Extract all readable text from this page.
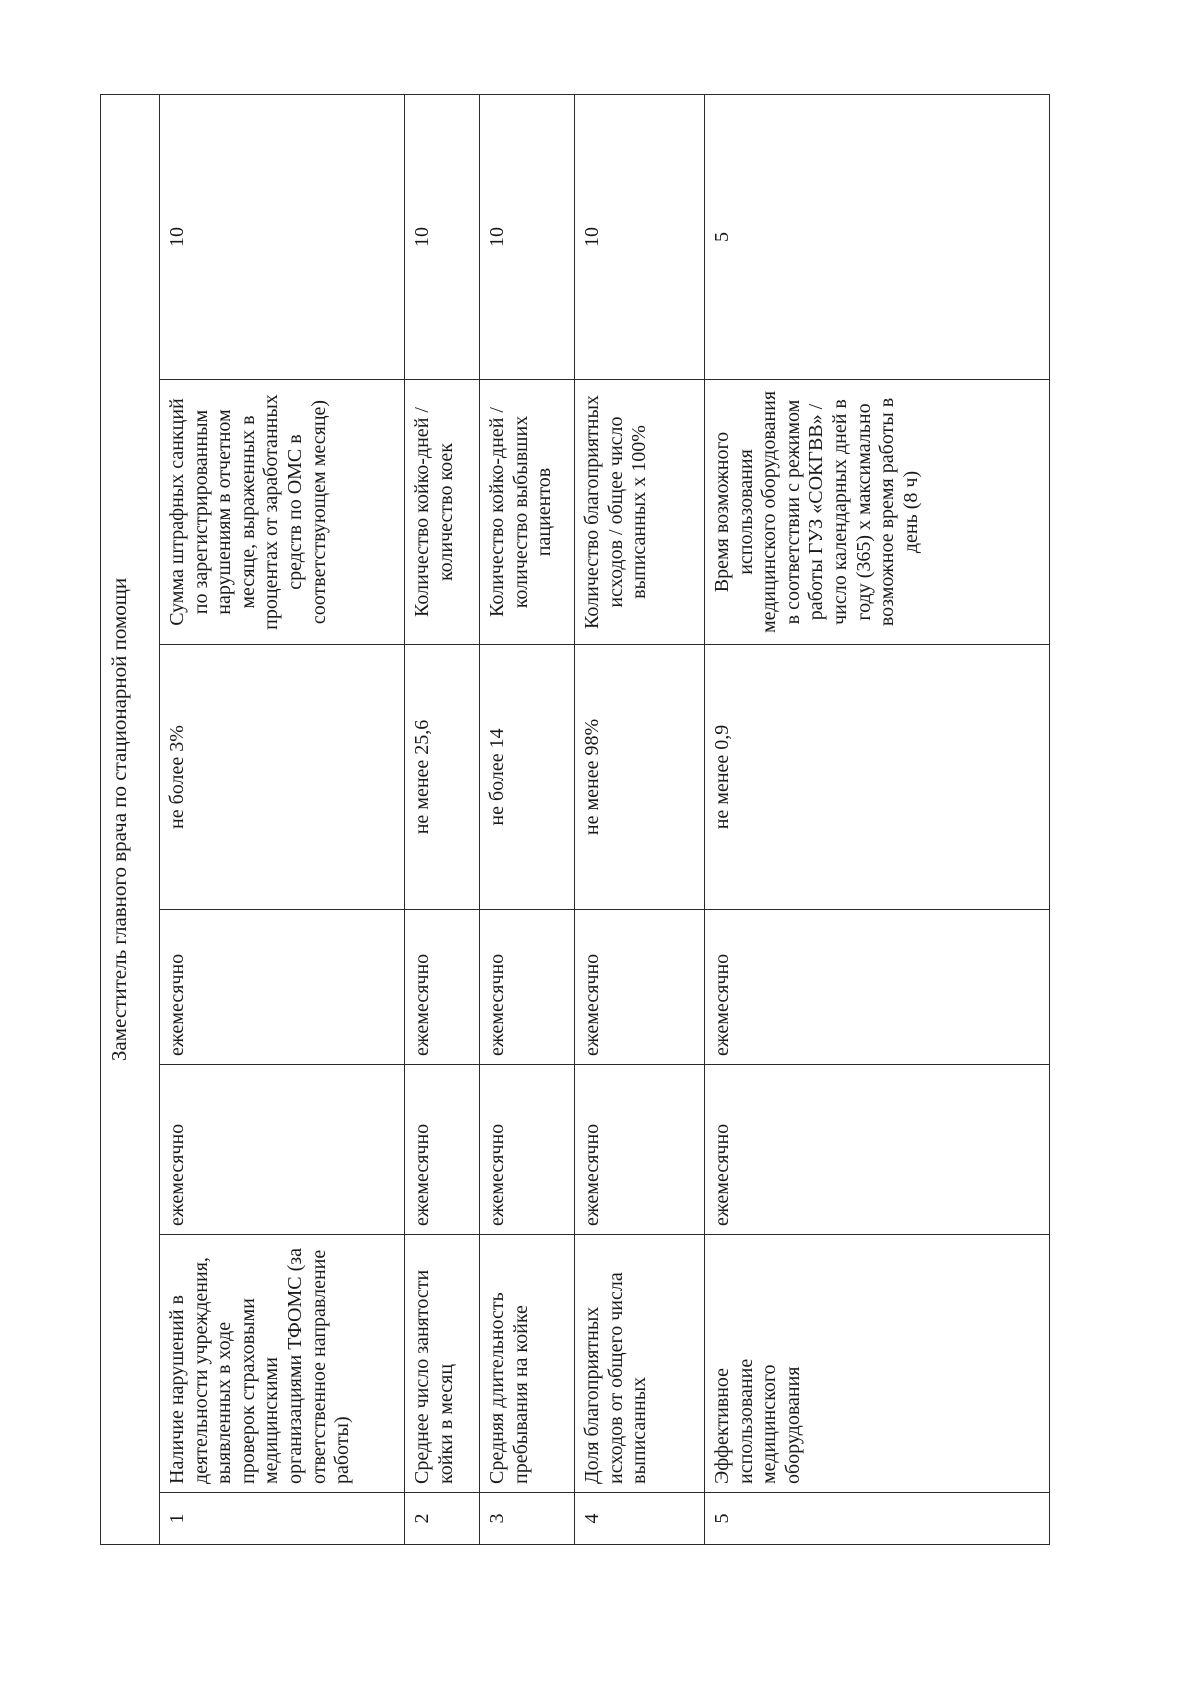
Заместитель главного врача по стационарной помощи						
1	Наличие нарушений в деятельности учреждения, выявленных в ходе проверок страховыми медицинскими организациями ТФОМС (за ответственное направление работы)	ежемесячно	ежемесячно	не более 3%	Сумма штрафных санкций по зарегистрированным нарушениям в отчетном месяце, выраженных в процентах от заработанных средств по ОМС в соответствующем месяце)	10
2	Среднее число занятости койки в месяц	ежемесячно	ежемесячно	не менее 25,6	Количество койко-дней / количество коек	10
3	Средняя длительность пребывания на койке	ежемесячно	ежемесячно	не более 14	Количество койко-дней / количество выбывших пациентов	10
4	Доля благоприятных исходов от общего числа выписанных	ежемесячно	ежемесячно	не менее 98%	Количество благоприятных исходов / общее число выписанных х 100%	10
5	Эффективное использование медицинского оборудования	ежемесячно	ежемесячно	не менее 0,9	Время возможного использования медицинского оборудования в соответствии с режимом работы ГУЗ «СОКГВВ» / число календарных дней в году (365) х максимально возможное время работы в день (8 ч)	5
